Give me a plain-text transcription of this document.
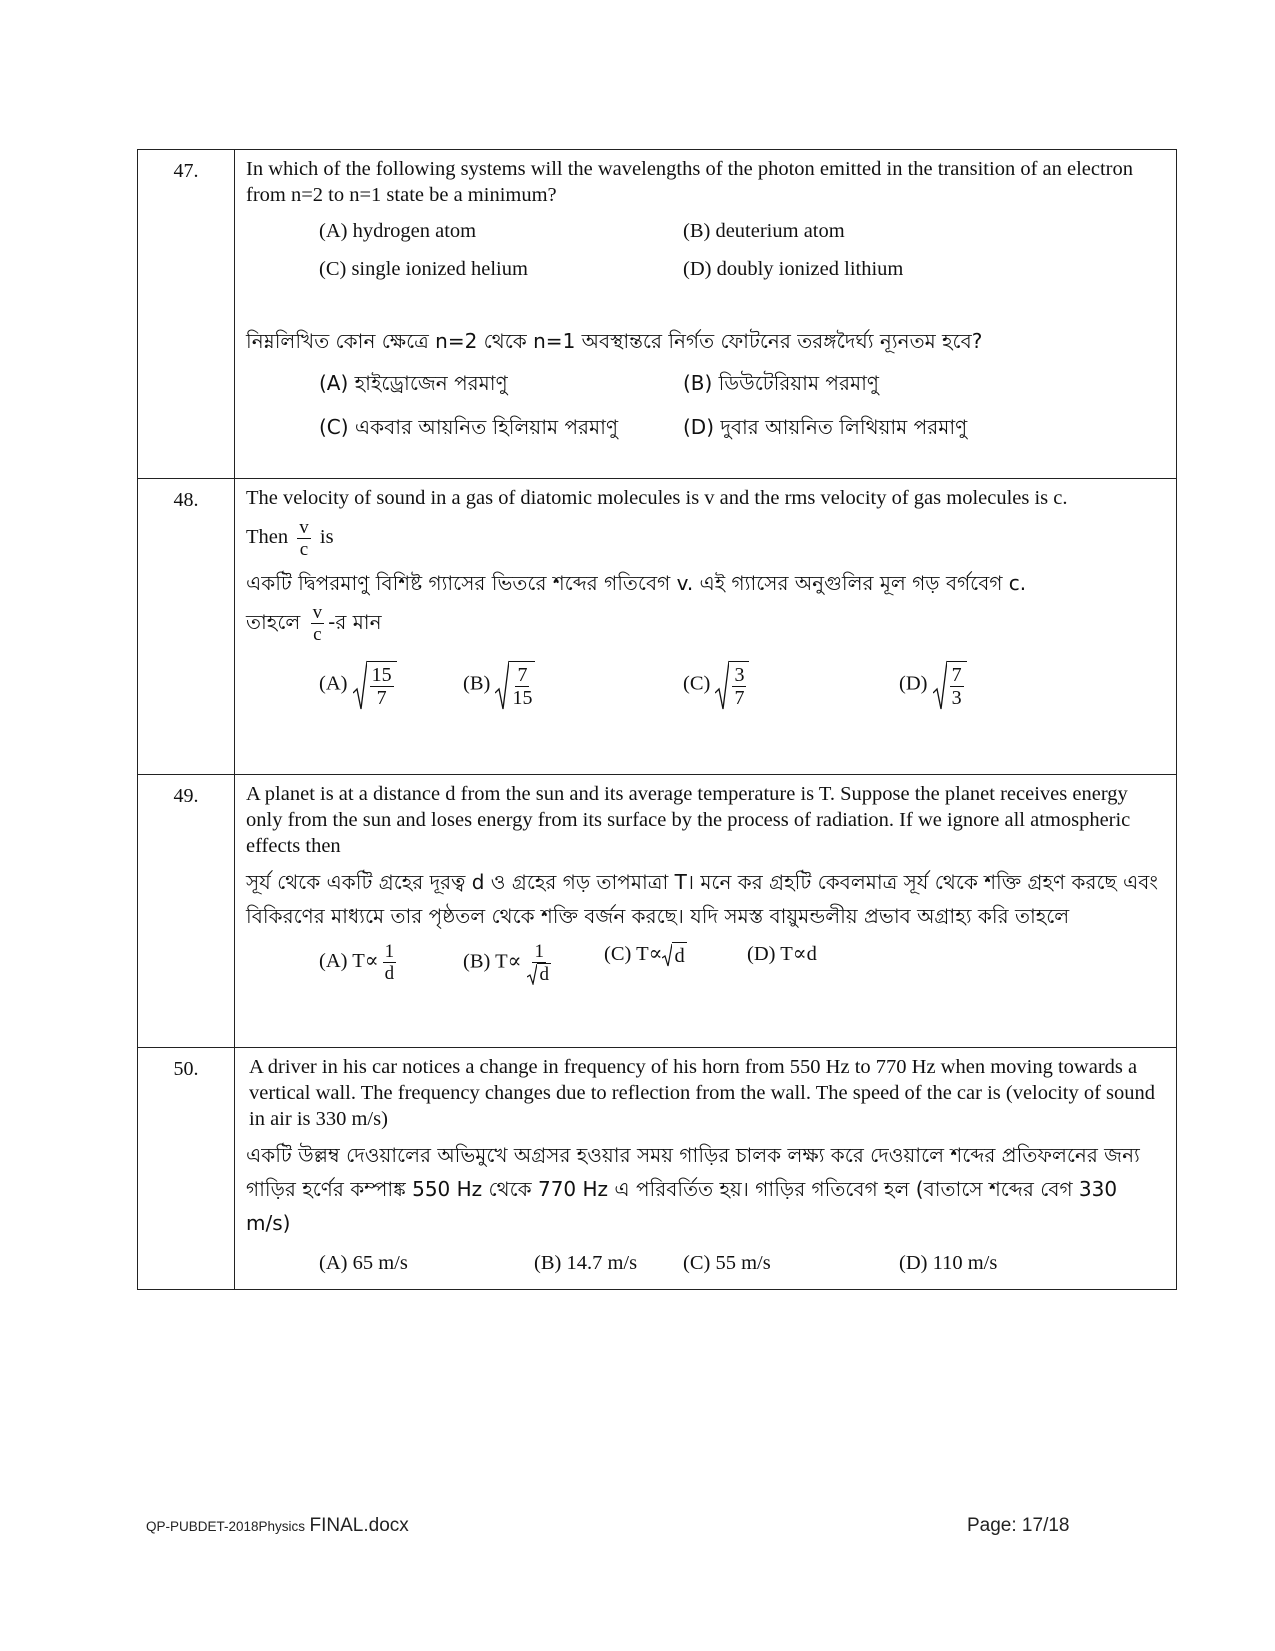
47.	In which of the following systems will the wavelengths of the photon emitted in the transition of an electron from n=2 to n=1 state be a minimum?
(A) hydrogen atom	(B) deuterium atom
(C) single ionized helium	(D) doubly ionized lithium
নিম্নলিখিত কোন ক্ষেত্রে n=2 থেকে n=1 অবস্থান্তরে নির্গত ফোটনের তরঙ্গদৈর্ঘ্য ন্যূনতম হবে?
(A) হাইড্রোজেন পরমাণু	(B) ডিউটেরিয়াম পরমাণু
(C) একবার আয়নিত হিলিয়াম পরমাণু	(D) দুবার আয়নিত লিথিয়াম পরমাণু
48.	The velocity of sound in a gas of diatomic molecules is v and the rms velocity of gas molecules is c.
Then $\frac{v}{c}$ is
একটি দ্বিপরমাণু বিশিষ্ট গ্যাসের ভিতরে শব্দের গতিবেগ v. এই গ্যাসের অনুগুলির মূল গড় বর্গবেগ c.
তাহলে $\frac{v}{c}$ -র মান
(A) 15
7
(B) 7
15
(C) 3
7
(D) 7
3
49.	A planet is at a distance d from the sun and its average temperature is T. Suppose the planet receives energy only from the sun and loses energy from its surface by the process of radiation. If we ignore all atmospheric effects then
সূর্য থেকে একটি গ্রহের দূরত্ব d ও গ্রহের গড় তাপমাত্রা T। মনে কর গ্রহটি কেবলমাত্র সূর্য থেকে শক্তি গ্রহণ করছে এবং বিকিরণের মাধ্যমে তার পৃষ্ঠতল থেকে শক্তি বর্জন করছে। যদি সমস্ত বায়ুমন্ডলীয় প্রভাব অগ্রাহ্য করি তাহলে
(A) $T\propto \frac{1}{d}$	(B) $T\propto \frac{1}{d} (C)$ T∝ d	(D) T∝d
50.	A driver in his car notices a change in frequency of his horn from 550 Hz to 770 Hz when moving towards a vertical wall. The frequency changes due to reflection from the wall. The speed of the car is (velocity of sound in air is 330 m/s)
একটি উল্লম্ব দেওয়ালের অভিমুখে অগ্রসর হওয়ার সময় গাড়ির চালক লক্ষ্য করে দেওয়ালে শব্দের প্রতিফলনের জন্য গাড়ির হর্ণের কম্পাঙ্ক 550 Hz থেকে 770 Hz এ পরিবর্তিত হয়। গাড়ির গতিবেগ হল (বাতাসে শব্দের বেগ 330 m/s)
(A) 65 m/s	(B) 14.7 m/s (C) 55 m/s	(D) 110 m/s
QP-PUBDET-2018Physics FINAL.docx	Page: 17/18
